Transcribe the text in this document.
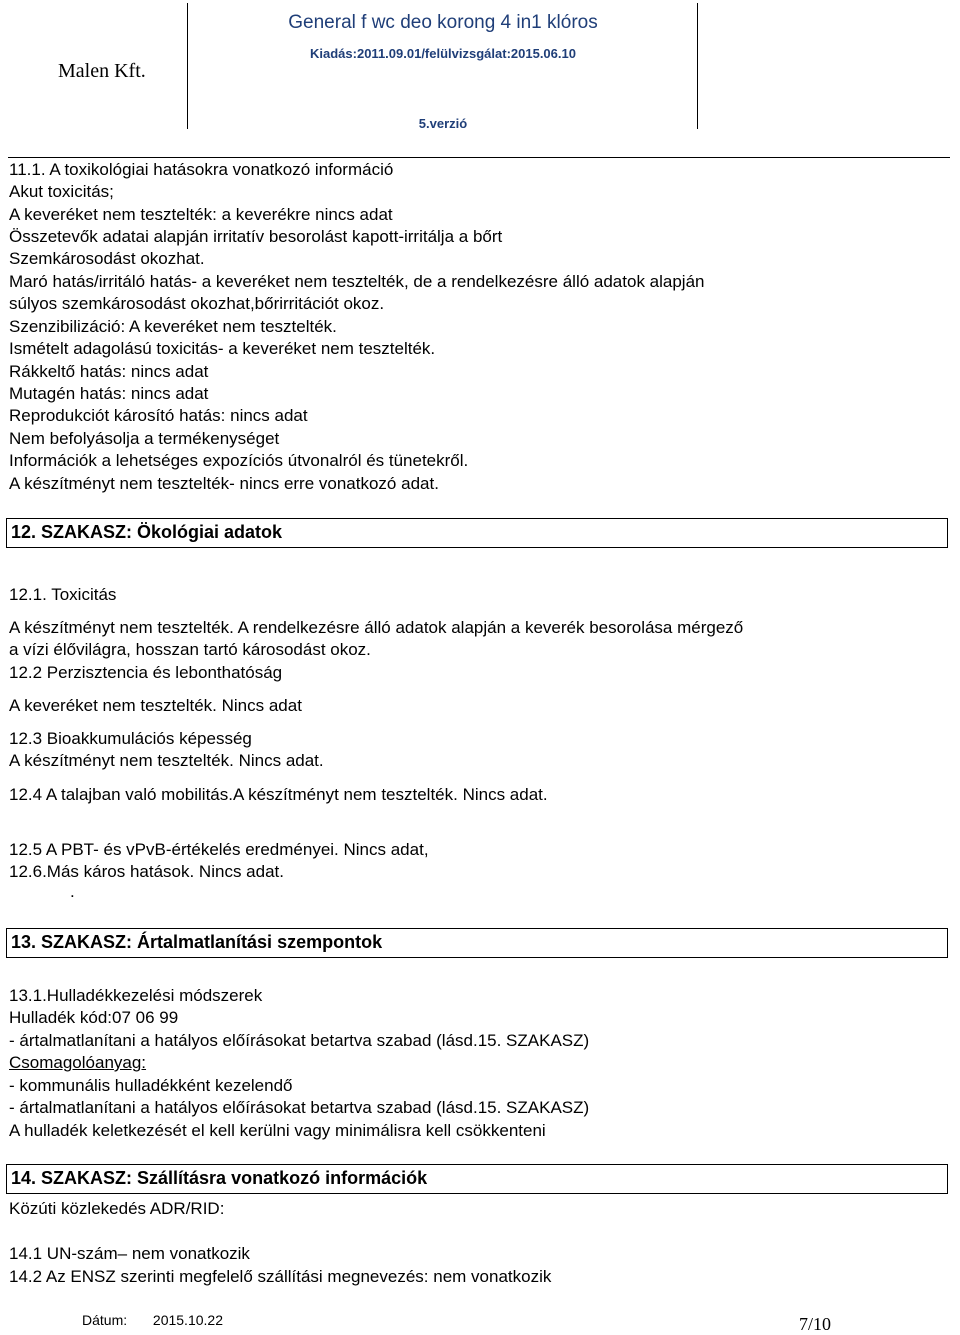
Malen Kft.
General f wc deo korong 4 in1 klóros
Kiadás:2011.09.01/felülvizsgálat:2015.06.10
5.verzió
11.1. A toxikológiai hatásokra vonatkozó információ
Akut toxicitás;
A keveréket nem tesztelték: a keverékre nincs adat
Összetevők adatai alapján irritatív besorolást kapott-irritálja a bőrt
Szemkárosodást okozhat.
Maró hatás/irritáló hatás- a keveréket nem tesztelték, de a rendelkezésre álló adatok alapján
súlyos szemkárosodást okozhat,bőrirritációt okoz.
Szenzibilizáció: A keveréket nem tesztelték.
Ismételt adagolású toxicitás- a keveréket nem tesztelték.
Rákkeltő hatás: nincs adat
Mutagén hatás: nincs adat
Reprodukciót károsító hatás: nincs adat
Nem befolyásolja a termékenységet
Információk a lehetséges expozíciós útvonalról és tünetekről.
A készítményt nem tesztelték- nincs erre vonatkozó adat.
12. SZAKASZ: Ökológiai adatok
12.1. Toxicitás
A készítményt nem tesztelték. A rendelkezésre álló adatok alapján a keverék besorolása mérgező
a vízi élővilágra, hosszan tartó károsodást okoz.
12.2 Perzisztencia és lebonthatóság
A keveréket nem tesztelték. Nincs adat
12.3 Bioakkumulációs képesség
A készítményt nem tesztelték. Nincs adat.
12.4 A talajban való mobilitás.A készítményt nem tesztelték. Nincs adat.
12.5 A PBT- és vPvB-értékelés eredményei. Nincs adat,
12.6.Más káros hatások. Nincs adat.
.
13. SZAKASZ: Ártalmatlanítási szempontok
13.1.Hulladékkezelési módszerek
Hulladék kód:07 06 99
- ártalmatlanítani a hatályos előírásokat betartva szabad (lásd.15. SZAKASZ)
Csomagolóanyag:
- kommunális hulladékként kezelendő
- ártalmatlanítani a hatályos előírásokat betartva szabad (lásd.15. SZAKASZ)
A hulladék keletkezését el kell kerülni vagy minimálisra kell csökkenteni
14. SZAKASZ: Szállításra vonatkozó információk
Közúti közlekedés ADR/RID:
14.1 UN-szám– nem vonatkozik
14.2 Az ENSZ szerinti megfelelő szállítási megnevezés: nem vonatkozik
Dátum: 2015.10.22	7/10
